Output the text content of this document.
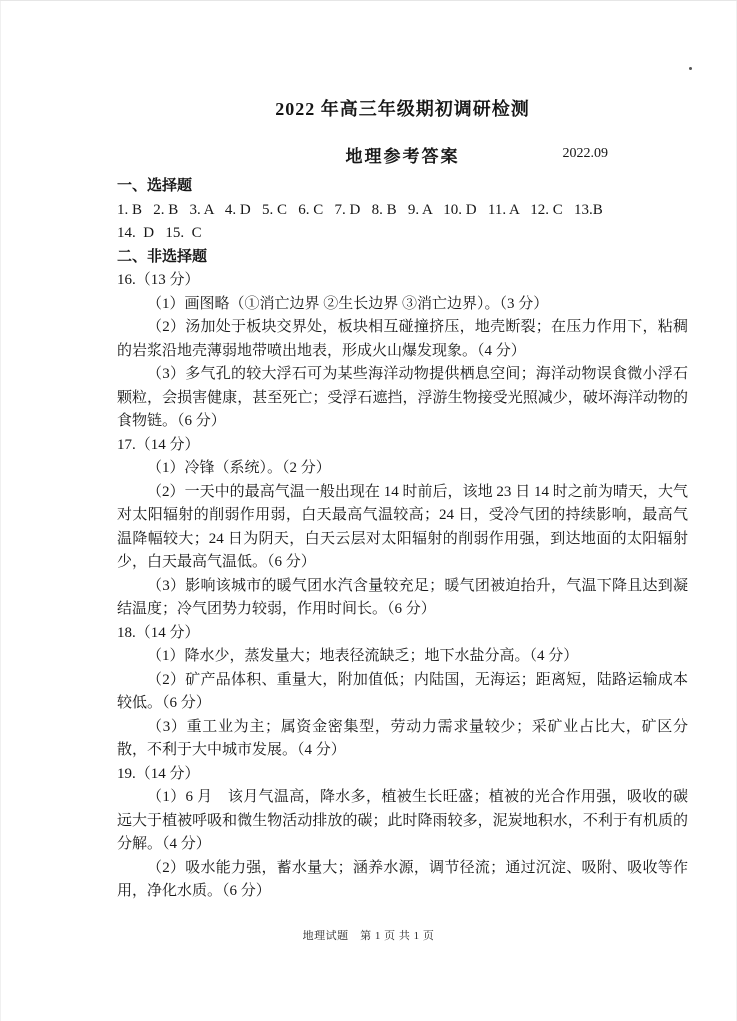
2022 年高三年级期初调研检测
地理参考答案	2022.09
一、选择题

1. B   2. B   3. A   4. D   5. C   6. C   7. D   8. B   9. A   10. D   11. A   12. C   13.B

14.  D   15.  C

二、非选择题

16.（13 分）

（1）画图略（①消亡边界 ②生长边界 ③消亡边界）。（3 分）

（2）汤加处于板块交界处，板块相互碰撞挤压，地壳断裂；在压力作用下，粘稠的岩浆沿地壳薄弱地带喷出地表，形成火山爆发现象。（4 分）

（3）多气孔的较大浮石可为某些海洋动物提供栖息空间；海洋动物误食微小浮石颗粒，会损害健康，甚至死亡；受浮石遮挡，浮游生物接受光照减少，破坏海洋动物的食物链。（6 分）

17.（14 分）

（1）冷锋（系统）。（2 分）

（2）一天中的最高气温一般出现在 14 时前后，该地 23 日 14 时之前为晴天，大气对太阳辐射的削弱作用弱，白天最高气温较高；24 日，受冷气团的持续影响，最高气温降幅较大；24 日为阴天，白天云层对太阳辐射的削弱作用强，到达地面的太阳辐射少，白天最高气温低。（6 分）

（3）影响该城市的暖气团水汽含量较充足；暖气团被迫抬升，气温下降且达到凝结温度；冷气团势力较弱，作用时间长。（6 分）

18.（14 分）

（1）降水少，蒸发量大；地表径流缺乏；地下水盐分高。（4 分）

（2）矿产品体积、重量大，附加值低；内陆国，无海运；距离短，陆路运输成本较低。（6 分）

（3）重工业为主；属资金密集型，劳动力需求量较少；采矿业占比大，矿区分散，不利于大中城市发展。（4 分）

19.（14 分）

（1）6 月　该月气温高，降水多，植被生长旺盛；植被的光合作用强，吸收的碳远大于植被呼吸和微生物活动排放的碳；此时降雨较多，泥炭地积水，不利于有机质的分解。（4 分）

（2）吸水能力强，蓄水量大；涵养水源，调节径流；通过沉淀、吸附、吸收等作用，净化水质。（6 分）

地理试题　第 1 页 共 1 页
